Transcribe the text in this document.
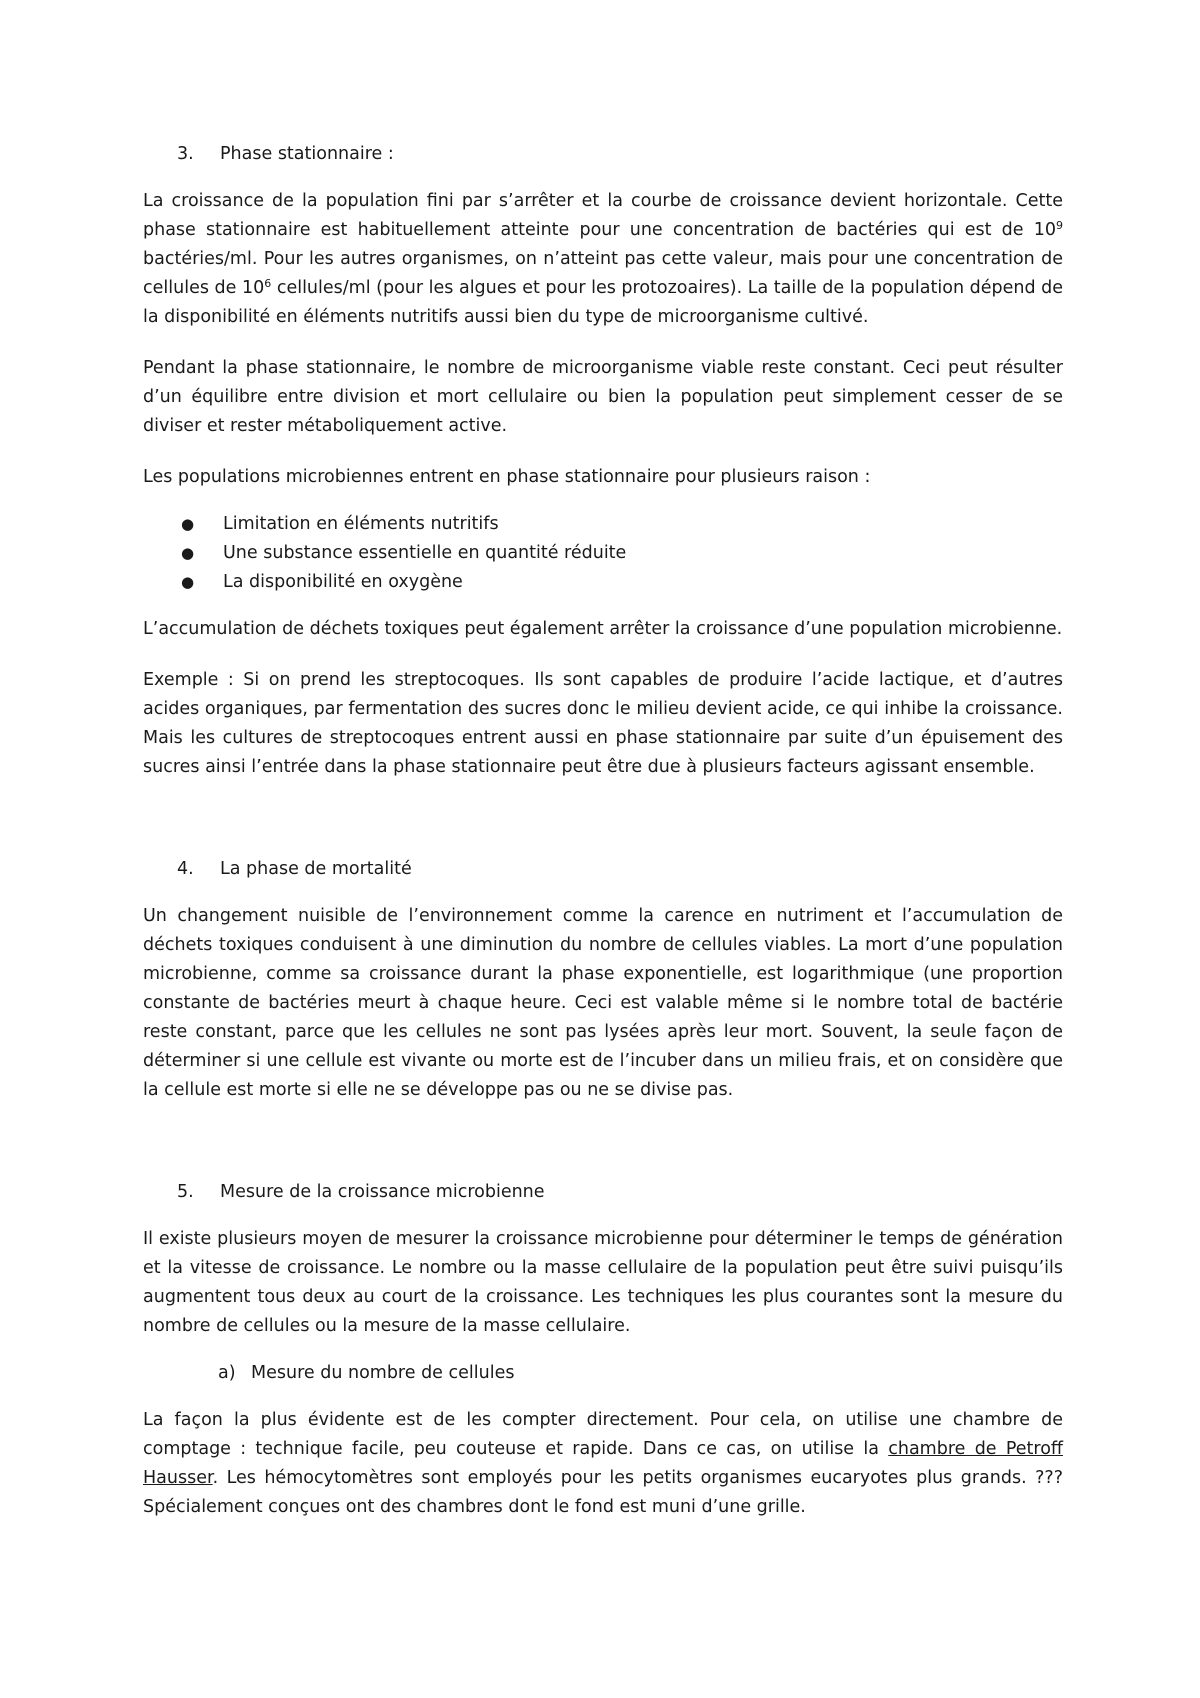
3.	Phase stationnaire :

La croissance de la population fini par s’arrêter et la courbe de croissance devient horizontale. Cette phase stationnaire est habituellement atteinte pour une concentration de bactéries qui est de $10^9$ bactéries/ml. Pour les autres organismes, on n’atteint pas cette valeur, mais pour une concentration de cellules de $10^6$ cellules/ml (pour les algues et pour les protozoaires). La taille de la population dépend de la disponibilité en éléments nutritifs aussi bien du type de microorganisme cultivé.

Pendant la phase stationnaire, le nombre de microorganisme viable reste constant. Ceci peut résulter d’un équilibre entre division et mort cellulaire ou bien la population peut simplement cesser de se diviser et rester métaboliquement active.

Les populations microbiennes entrent en phase stationnaire pour plusieurs raison :

●	Limitation en éléments nutritifs
●	Une substance essentielle en quantité réduite
●	La disponibilité en oxygène

L’accumulation de déchets toxiques peut également arrêter la croissance d’une population microbienne.

Exemple : Si on prend les streptocoques. Ils sont capables de produire l’acide lactique, et d’autres acides organiques, par fermentation des sucres donc le milieu devient acide, ce qui inhibe la croissance. Mais les cultures de streptocoques entrent aussi en phase stationnaire par suite d’un épuisement des sucres ainsi l’entrée dans la phase stationnaire peut être due à plusieurs facteurs agissant ensemble.

4.	La phase de mortalité

Un changement nuisible de l’environnement comme la carence en nutriment et l’accumulation de déchets toxiques conduisent à une diminution du nombre de cellules viables. La mort d’une population microbienne, comme sa croissance durant la phase exponentielle, est logarithmique (une proportion constante de bactéries meurt à chaque heure. Ceci est valable même si le nombre total de bactérie reste constant, parce que les cellules ne sont pas lysées après leur mort. Souvent, la seule façon de déterminer si une cellule est vivante ou morte est de l’incuber dans un milieu frais, et on considère que la cellule est morte si elle ne se développe pas ou ne se divise pas.

5.	Mesure de la croissance microbienne

Il existe plusieurs moyen de mesurer la croissance microbienne pour déterminer le temps de génération et la vitesse de croissance. Le nombre ou la masse cellulaire de la population peut être suivi puisqu’ils augmentent tous deux au court de la croissance. Les techniques les plus courantes sont la mesure du nombre de cellules ou la mesure de la masse cellulaire.

a) Mesure du nombre de cellules

La façon la plus évidente est de les compter directement. Pour cela, on utilise une chambre de comptage : technique facile, peu couteuse et rapide. Dans ce cas, on utilise la chambre de Petroff Hausser. Les hémocytomètres sont employés pour les petits organismes eucaryotes plus grands. ??? Spécialement conçues ont des chambres dont le fond est muni d’une grille.
